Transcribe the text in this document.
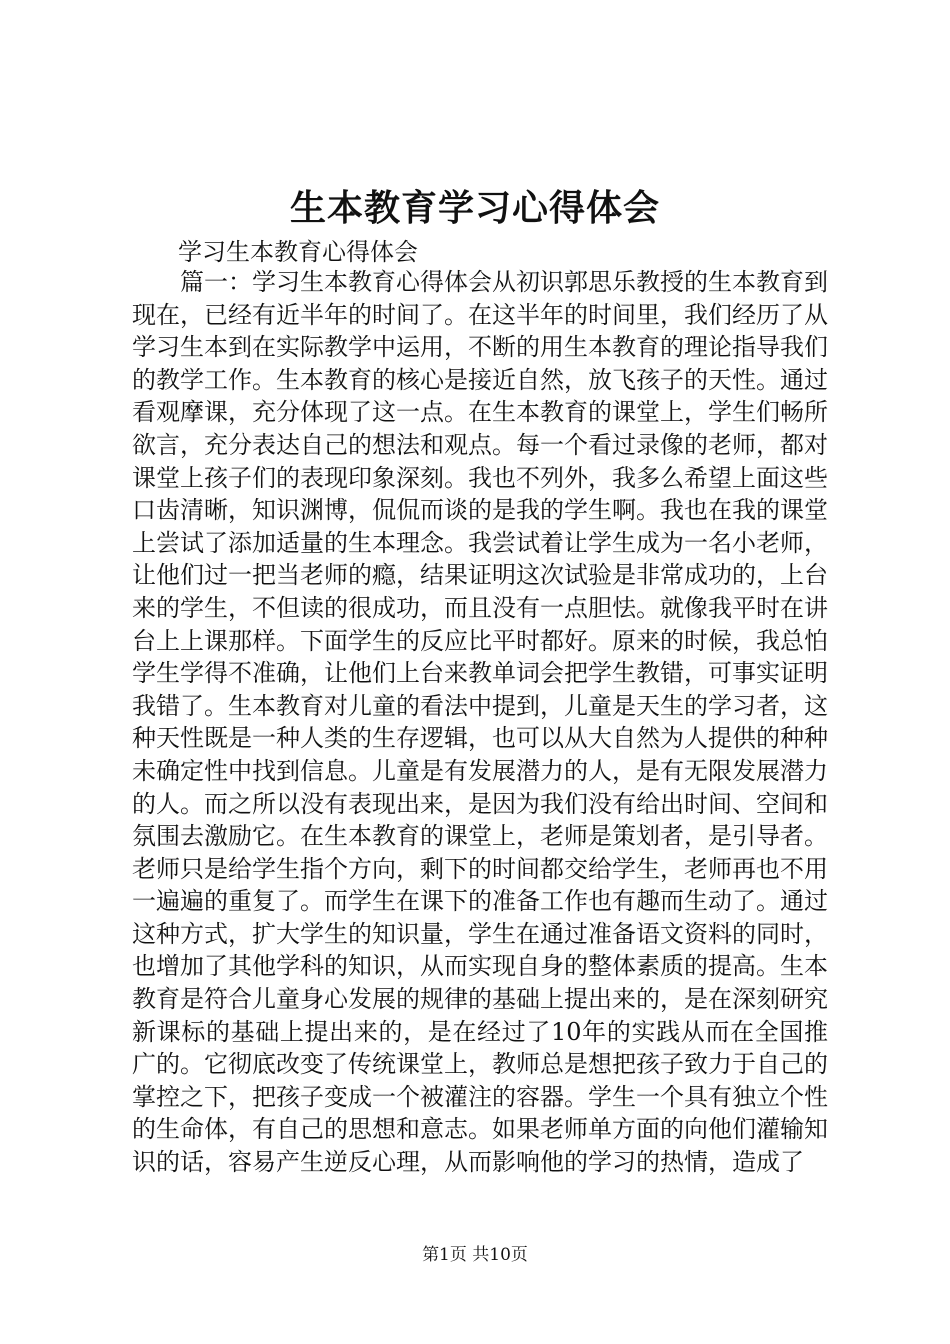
生本教育学习心得体会
学习生本教育心得体会

篇一：学习生本教育心得体会从初识郭思乐教授的生本教育到现在，已经有近半年的时间了。在这半年的时间里，我们经历了从学习生本到在实际教学中运用，不断的用生本教育的理论指导我们的教学工作。生本教育的核心是接近自然，放飞孩子的天性。通过看观摩课，充分体现了这一点。在生本教育的课堂上，学生们畅所欲言，充分表达自己的想法和观点。每一个看过录像的老师，都对课堂上孩子们的表现印象深刻。我也不列外，我多么希望上面这些口齿清晰，知识渊博，侃侃而谈的是我的学生啊。我也在我的课堂上尝试了添加适量的生本理念。我尝试着让学生成为一名小老师，让他们过一把当老师的瘾，结果证明这次试验是非常成功的，上台来的学生，不但读的很成功，而且没有一点胆怯。就像我平时在讲台上上课那样。下面学生的反应比平时都好。原来的时候，我总怕学生学得不准确，让他们上台来教单词会把学生教错，可事实证明我错了。生本教育对儿童的看法中提到，儿童是天生的学习者，这种天性既是一种人类的生存逻辑，也可以从大自然为人提供的种种未确定性中找到信息。儿童是有发展潜力的人，是有无限发展潜力的人。而之所以没有表现出来，是因为我们没有给出时间、空间和氛围去激励它。在生本教育的课堂上，老师是策划者，是引导者。老师只是给学生指个方向，剩下的时间都交给学生，老师再也不用一遍遍的重复了。而学生在课下的准备工作也有趣而生动了。通过这种方式，扩大学生的知识量，学生在通过准备语文资料的同时，也增加了其他学科的知识，从而实现自身的整体素质的提高。生本教育是符合儿童身心发展的规律的基础上提出来的，是在深刻研究新课标的基础上提出来的，是在经过了10年的实践从而在全国推广的。它彻底改变了传统课堂上，教师总是想把孩子致力于自己的掌控之下，把孩子变成一个被灌注的容器。学生一个具有独立个性的生命体，有自己的思想和意志。如果老师单方面的向他们灌输知识的话，容易产生逆反心理，从而影响他的学习的热情，造成了

第1页 共10页
